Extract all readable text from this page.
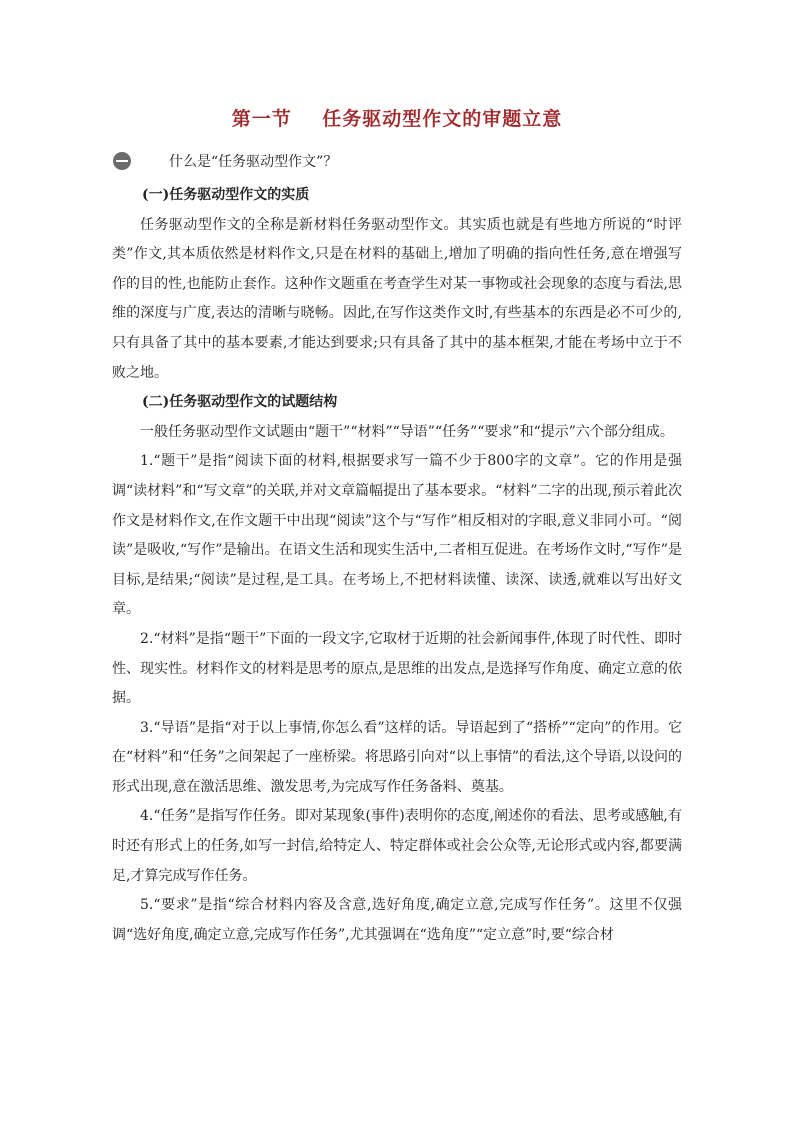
第一节    任务驱动型作文的审题立意
什么是“任务驱动型作文”？

(一)任务驱动型作文的实质

任务驱动型作文的全称是新材料任务驱动型作文。其实质也就是有些地方所说的“时评类”作文,其本质依然是材料作文,只是在材料的基础上,增加了明确的指向性任务,意在增强写作的目的性,也能防止套作。这种作文题重在考查学生对某一事物或社会现象的态度与看法,思维的深度与广度,表达的清晰与晓畅。因此,在写作这类作文时,有些基本的东西是必不可少的,只有具备了其中的基本要素,才能达到要求;只有具备了其中的基本框架,才能在考场中立于不败之地。

(二)任务驱动型作文的试题结构

一般任务驱动型作文试题由“题干”“材料”“导语”“任务”“要求”和“提示”六个部分组成。

1.“题干”是指“阅读下面的材料,根据要求写一篇不少于800字的文章”。它的作用是强调“读材料”和“写文章”的关联,并对文章篇幅提出了基本要求。“材料”二字的出现,预示着此次作文是材料作文,在作文题干中出现“阅读”这个与“写作”相反相对的字眼,意义非同小可。“阅读”是吸收,“写作”是输出。在语文生活和现实生活中,二者相互促进。在考场作文时,“写作”是目标,是结果;“阅读”是过程,是工具。在考场上,不把材料读懂、读深、读透,就难以写出好文章。

2.“材料”是指“题干”下面的一段文字,它取材于近期的社会新闻事件,体现了时代性、即时性、现实性。材料作文的材料是思考的原点,是思维的出发点,是选择写作角度、确定立意的依据。

3.“导语”是指“对于以上事情,你怎么看”这样的话。导语起到了“搭桥”“定向”的作用。它在“材料”和“任务”之间架起了一座桥梁。将思路引向对“以上事情”的看法,这个导语,以设问的形式出现,意在激活思维、激发思考,为完成写作任务备料、奠基。

4.“任务”是指写作任务。即对某现象(事件)表明你的态度,阐述你的看法、思考或感触,有时还有形式上的任务,如写一封信,给特定人、特定群体或社会公众等,无论形式或内容,都要满足,才算完成写作任务。

5.“要求”是指“综合材料内容及含意,选好角度,确定立意,完成写作任务”。这里不仅强调“选好角度,确定立意,完成写作任务”,尤其强调在“选角度”“定立意”时,要“综合材
